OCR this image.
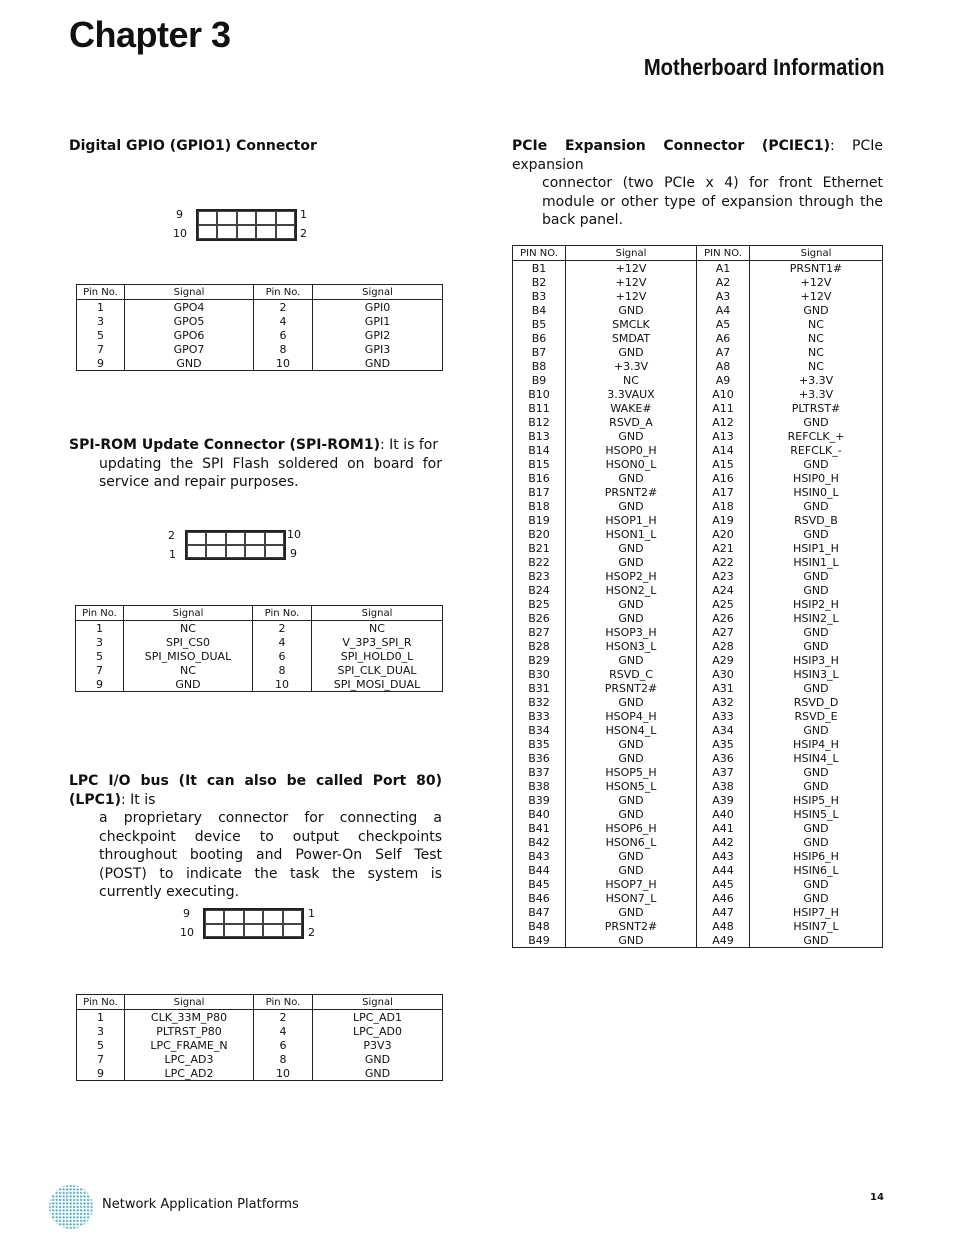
Chapter 3
Motherboard Information
Digital GPIO (GPIO1) Connector
9
10
1
2
Pin No.	Signal	Pin No.	Signal
1	GPO4	2	GPI0
3	GPO5	4	GPI1
5	GPO6	6	GPI2
7	GPO7	8	GPI3
9	GND	10	GND
SPI-ROM Update Connector (SPI-ROM1): It is for
updating the SPI Flash soldered on board for service and repair purposes.
2
1
10
9
Pin No.	Signal	Pin No.	Signal
1	NC	2	NC
3	SPI_CS0	4	V_3P3_SPI_R
5	SPI_MISO_DUAL	6	SPI_HOLD0_L
7	NC	8	SPI_CLK_DUAL
9	GND	10	SPI_MOSI_DUAL
LPC I/O bus (It can also be called Port 80) (LPC1): It is
a proprietary connector for connecting a checkpoint device to output checkpoints throughout booting and Power-On Self Test (POST) to indicate the task the system is currently executing.
9
10
1
2
Pin No.	Signal	Pin No.	Signal
1	CLK_33M_P80	2	LPC_AD1
3	PLTRST_P80	4	LPC_AD0
5	LPC_FRAME_N	6	P3V3
7	LPC_AD3	8	GND
9	LPC_AD2	10	GND
PCIe Expansion Connector (PCIEC1): PCIe expansion
connector (two PCIe x 4) for front Ethernet module or other type of expansion through the back panel.
PIN NO.	Signal	PIN NO.	Signal
B1	+12V	A1	PRSNT1#
B2	+12V	A2	+12V
B3	+12V	A3	+12V
B4	GND	A4	GND
B5	SMCLK	A5	NC
B6	SMDAT	A6	NC
B7	GND	A7	NC
B8	+3.3V	A8	NC
B9	NC	A9	+3.3V
B10	3.3VAUX	A10	+3.3V
B11	WAKE#	A11	PLTRST#
B12	RSVD_A	A12	GND
B13	GND	A13	REFCLK_+
B14	HSOP0_H	A14	REFCLK_-
B15	HSON0_L	A15	GND
B16	GND	A16	HSIP0_H
B17	PRSNT2#	A17	HSIN0_L
B18	GND	A18	GND
B19	HSOP1_H	A19	RSVD_B
B20	HSON1_L	A20	GND
B21	GND	A21	HSIP1_H
B22	GND	A22	HSIN1_L
B23	HSOP2_H	A23	GND
B24	HSON2_L	A24	GND
B25	GND	A25	HSIP2_H
B26	GND	A26	HSIN2_L
B27	HSOP3_H	A27	GND
B28	HSON3_L	A28	GND
B29	GND	A29	HSIP3_H
B30	RSVD_C	A30	HSIN3_L
B31	PRSNT2#	A31	GND
B32	GND	A32	RSVD_D
B33	HSOP4_H	A33	RSVD_E
B34	HSON4_L	A34	GND
B35	GND	A35	HSIP4_H
B36	GND	A36	HSIN4_L
B37	HSOP5_H	A37	GND
B38	HSON5_L	A38	GND
B39	GND	A39	HSIP5_H
B40	GND	A40	HSIN5_L
B41	HSOP6_H	A41	GND
B42	HSON6_L	A42	GND
B43	GND	A43	HSIP6_H
B44	GND	A44	HSIN6_L
B45	HSOP7_H	A45	GND
B46	HSON7_L	A46	GND
B47	GND	A47	HSIP7_H
B48	PRSNT2#	A48	HSIN7_L
B49	GND	A49	GND
Network Application Platforms	14
